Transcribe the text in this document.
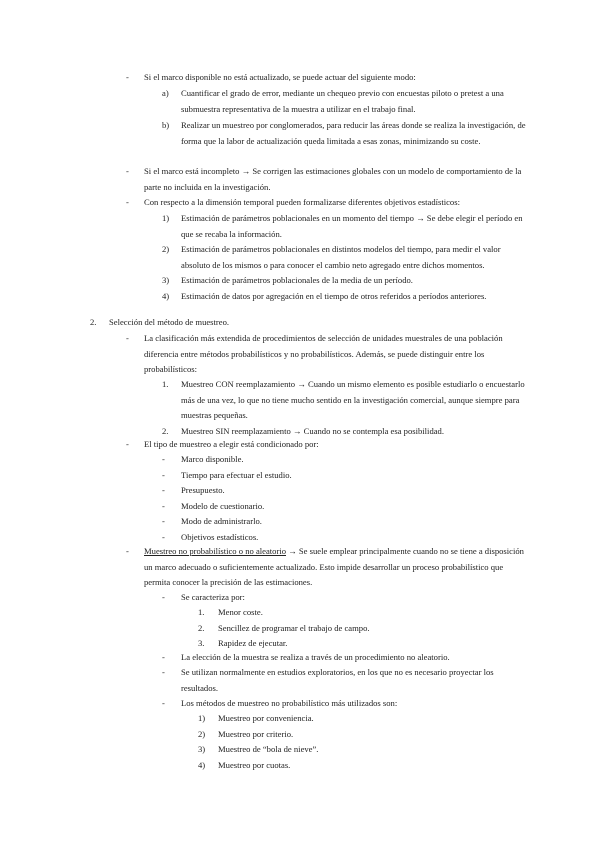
- Si el marco disponible no está actualizado, se puede actuar del siguiente modo:
a) Cuantificar el grado de error, mediante un chequeo previo con encuestas piloto o pretest a una submuestra representativa de la muestra a utilizar en el trabajo final.
b) Realizar un muestreo por conglomerados, para reducir las áreas donde se realiza la investigación, de forma que la labor de actualización queda limitada a esas zonas, minimizando su coste.
- Si el marco está incompleto → Se corrigen las estimaciones globales con un modelo de comportamiento de la parte no incluida en la investigación.
- Con respecto a la dimensión temporal pueden formalizarse diferentes objetivos estadísticos:
1) Estimación de parámetros poblacionales en un momento del tiempo → Se debe elegir el período en que se recaba la información.
2) Estimación de parámetros poblacionales en distintos modelos del tiempo, para medir el valor absoluto de los mismos o para conocer el cambio neto agregado entre dichos momentos.
3) Estimación de parámetros poblacionales de la media de un período.
4) Estimación de datos por agregación en el tiempo de otros referidos a períodos anteriores.
2. Selección del método de muestreo.
- La clasificación más extendida de procedimientos de selección de unidades muestrales de una población diferencia entre métodos probabilísticos y no probabilísticos. Además, se puede distinguir entre los probabilísticos:
1. Muestreo CON reemplazamiento → Cuando un mismo elemento es posible estudiarlo o encuestarlo más de una vez, lo que no tiene mucho sentido en la investigación comercial, aunque siempre para muestras pequeñas.
2. Muestreo SIN reemplazamiento → Cuando no se contempla esa posibilidad.
- El tipo de muestreo a elegir está condicionado por:
- Marco disponible.
- Tiempo para efectuar el estudio.
- Presupuesto.
- Modelo de cuestionario.
- Modo de administrarlo.
- Objetivos estadísticos.
- Muestreo no probabilístico o no aleatorio → Se suele emplear principalmente cuando no se tiene a disposición un marco adecuado o suficientemente actualizado. Esto impide desarrollar un proceso probabilístico que permita conocer la precisión de las estimaciones.
- Se caracteriza por:
1. Menor coste.
2. Sencillez de programar el trabajo de campo.
3. Rapidez de ejecutar.
- La elección de la muestra se realiza a través de un procedimiento no aleatorio.
- Se utilizan normalmente en estudios exploratorios, en los que no es necesario proyectar los resultados.
- Los métodos de muestreo no probabilístico más utilizados son:
1) Muestreo por conveniencia.
2) Muestreo por criterio.
3) Muestreo de “bola de nieve”.
4) Muestreo por cuotas.
